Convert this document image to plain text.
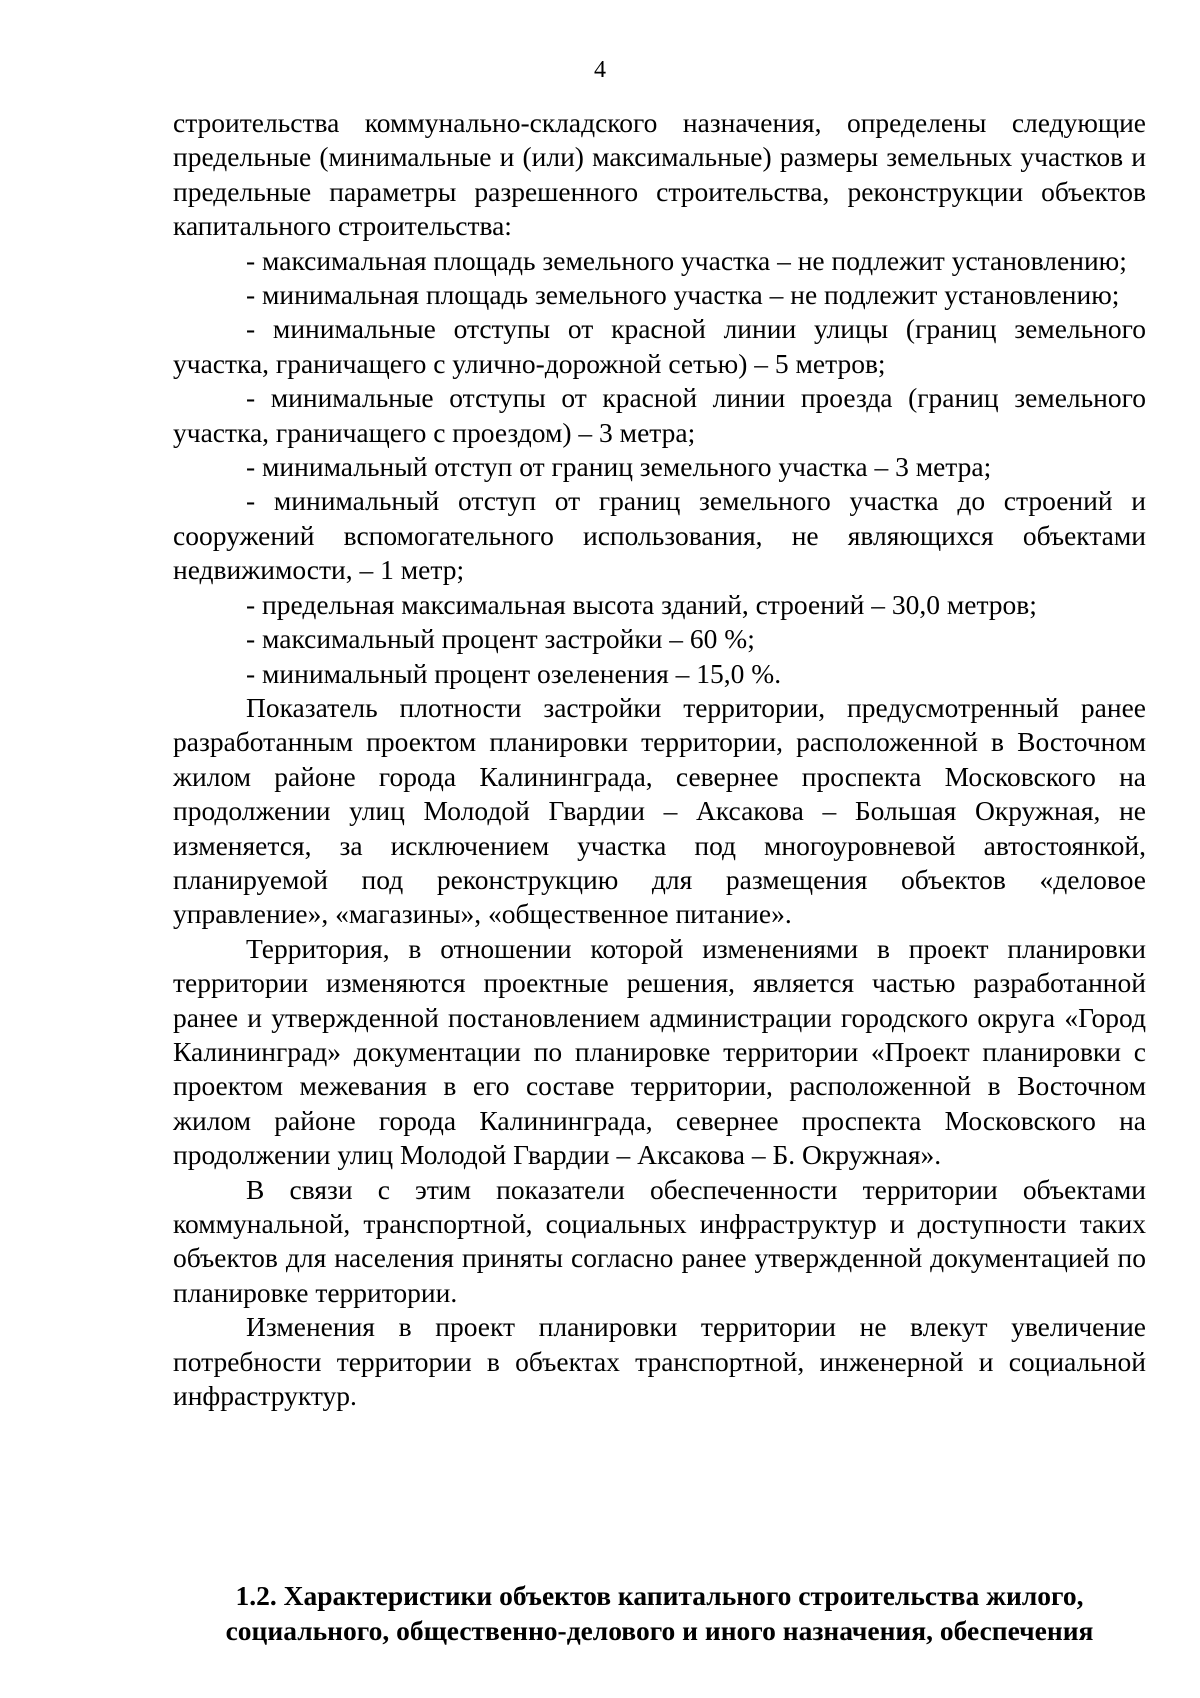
4

строительства коммунально-складского назначения, определены следующие предельные (минимальные и (или) максимальные) размеры земельных участков и предельные параметры разрешенного строительства, реконструкции объектов капитального строительства:

- максимальная площадь земельного участка – не подлежит установлению;

- минимальная площадь земельного участка – не подлежит установлению;

- минимальные отступы от красной линии улицы (границ земельного участка, граничащего с улично-дорожной сетью) – 5 метров;

- минимальные отступы от красной линии проезда (границ земельного участка, граничащего с проездом) – 3 метра;

- минимальный отступ от границ земельного участка – 3 метра;

- минимальный отступ от границ земельного участка до строений и сооружений вспомогательного использования, не являющихся объектами недвижимости, – 1 метр;

- предельная максимальная высота зданий, строений – 30,0 метров;

- максимальный процент застройки – 60 %;

- минимальный процент озеленения – 15,0 %.

Показатель плотности застройки территории, предусмотренный ранее разработанным проектом планировки территории, расположенной в Восточном жилом районе города Калининграда, севернее проспекта Московского на продолжении улиц Молодой Гвардии – Аксакова – Большая Окружная, не изменяется, за исключением участка под многоуровневой автостоянкой, планируемой под реконструкцию для размещения объектов «деловое управление», «магазины», «общественное питание».

Территория, в отношении которой изменениями в проект планировки территории изменяются проектные решения, является частью разработанной ранее и утвержденной постановлением администрации городского округа «Город Калининград» документации по планировке территории «Проект планировки с проектом межевания в его составе территории, расположенной в Восточном жилом районе города Калининграда, севернее проспекта Московского на продолжении улиц Молодой Гвардии – Аксакова – Б. Окружная».

В связи с этим показатели обеспеченности территории объектами коммунальной, транспортной, социальных инфраструктур и доступности таких объектов для населения приняты согласно ранее утвержденной документацией по планировке территории.

Изменения в проект планировки территории не влекут увеличение потребности территории в объектах транспортной, инженерной и социальной инфраструктур.

1.2. Характеристики объектов капитального строительства жилого,
социального, общественно-делового и иного назначения, обеспечения
